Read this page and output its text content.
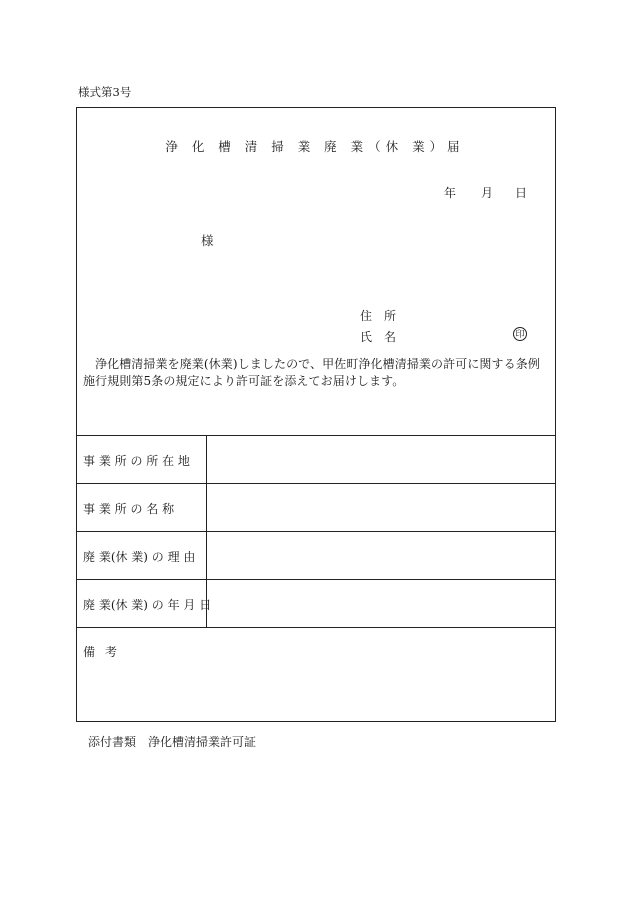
様式第3号
浄 化 槽 清 掃 業 廃 業（休 業）届
年 月 日
様
住　所
氏　名	印
浄化槽清掃業を廃業(休業)しましたので、甲佐町浄化槽清掃業の許可に関する条例施行規則第5条の規定により許可証を添えてお届けします。
事 業 所 の 所 在 地
事 業 所 の 名 称
廃 業(休 業) の 理 由
廃 業(休 業) の 年 月 日
備考
添付書類　浄化槽清掃業許可証
